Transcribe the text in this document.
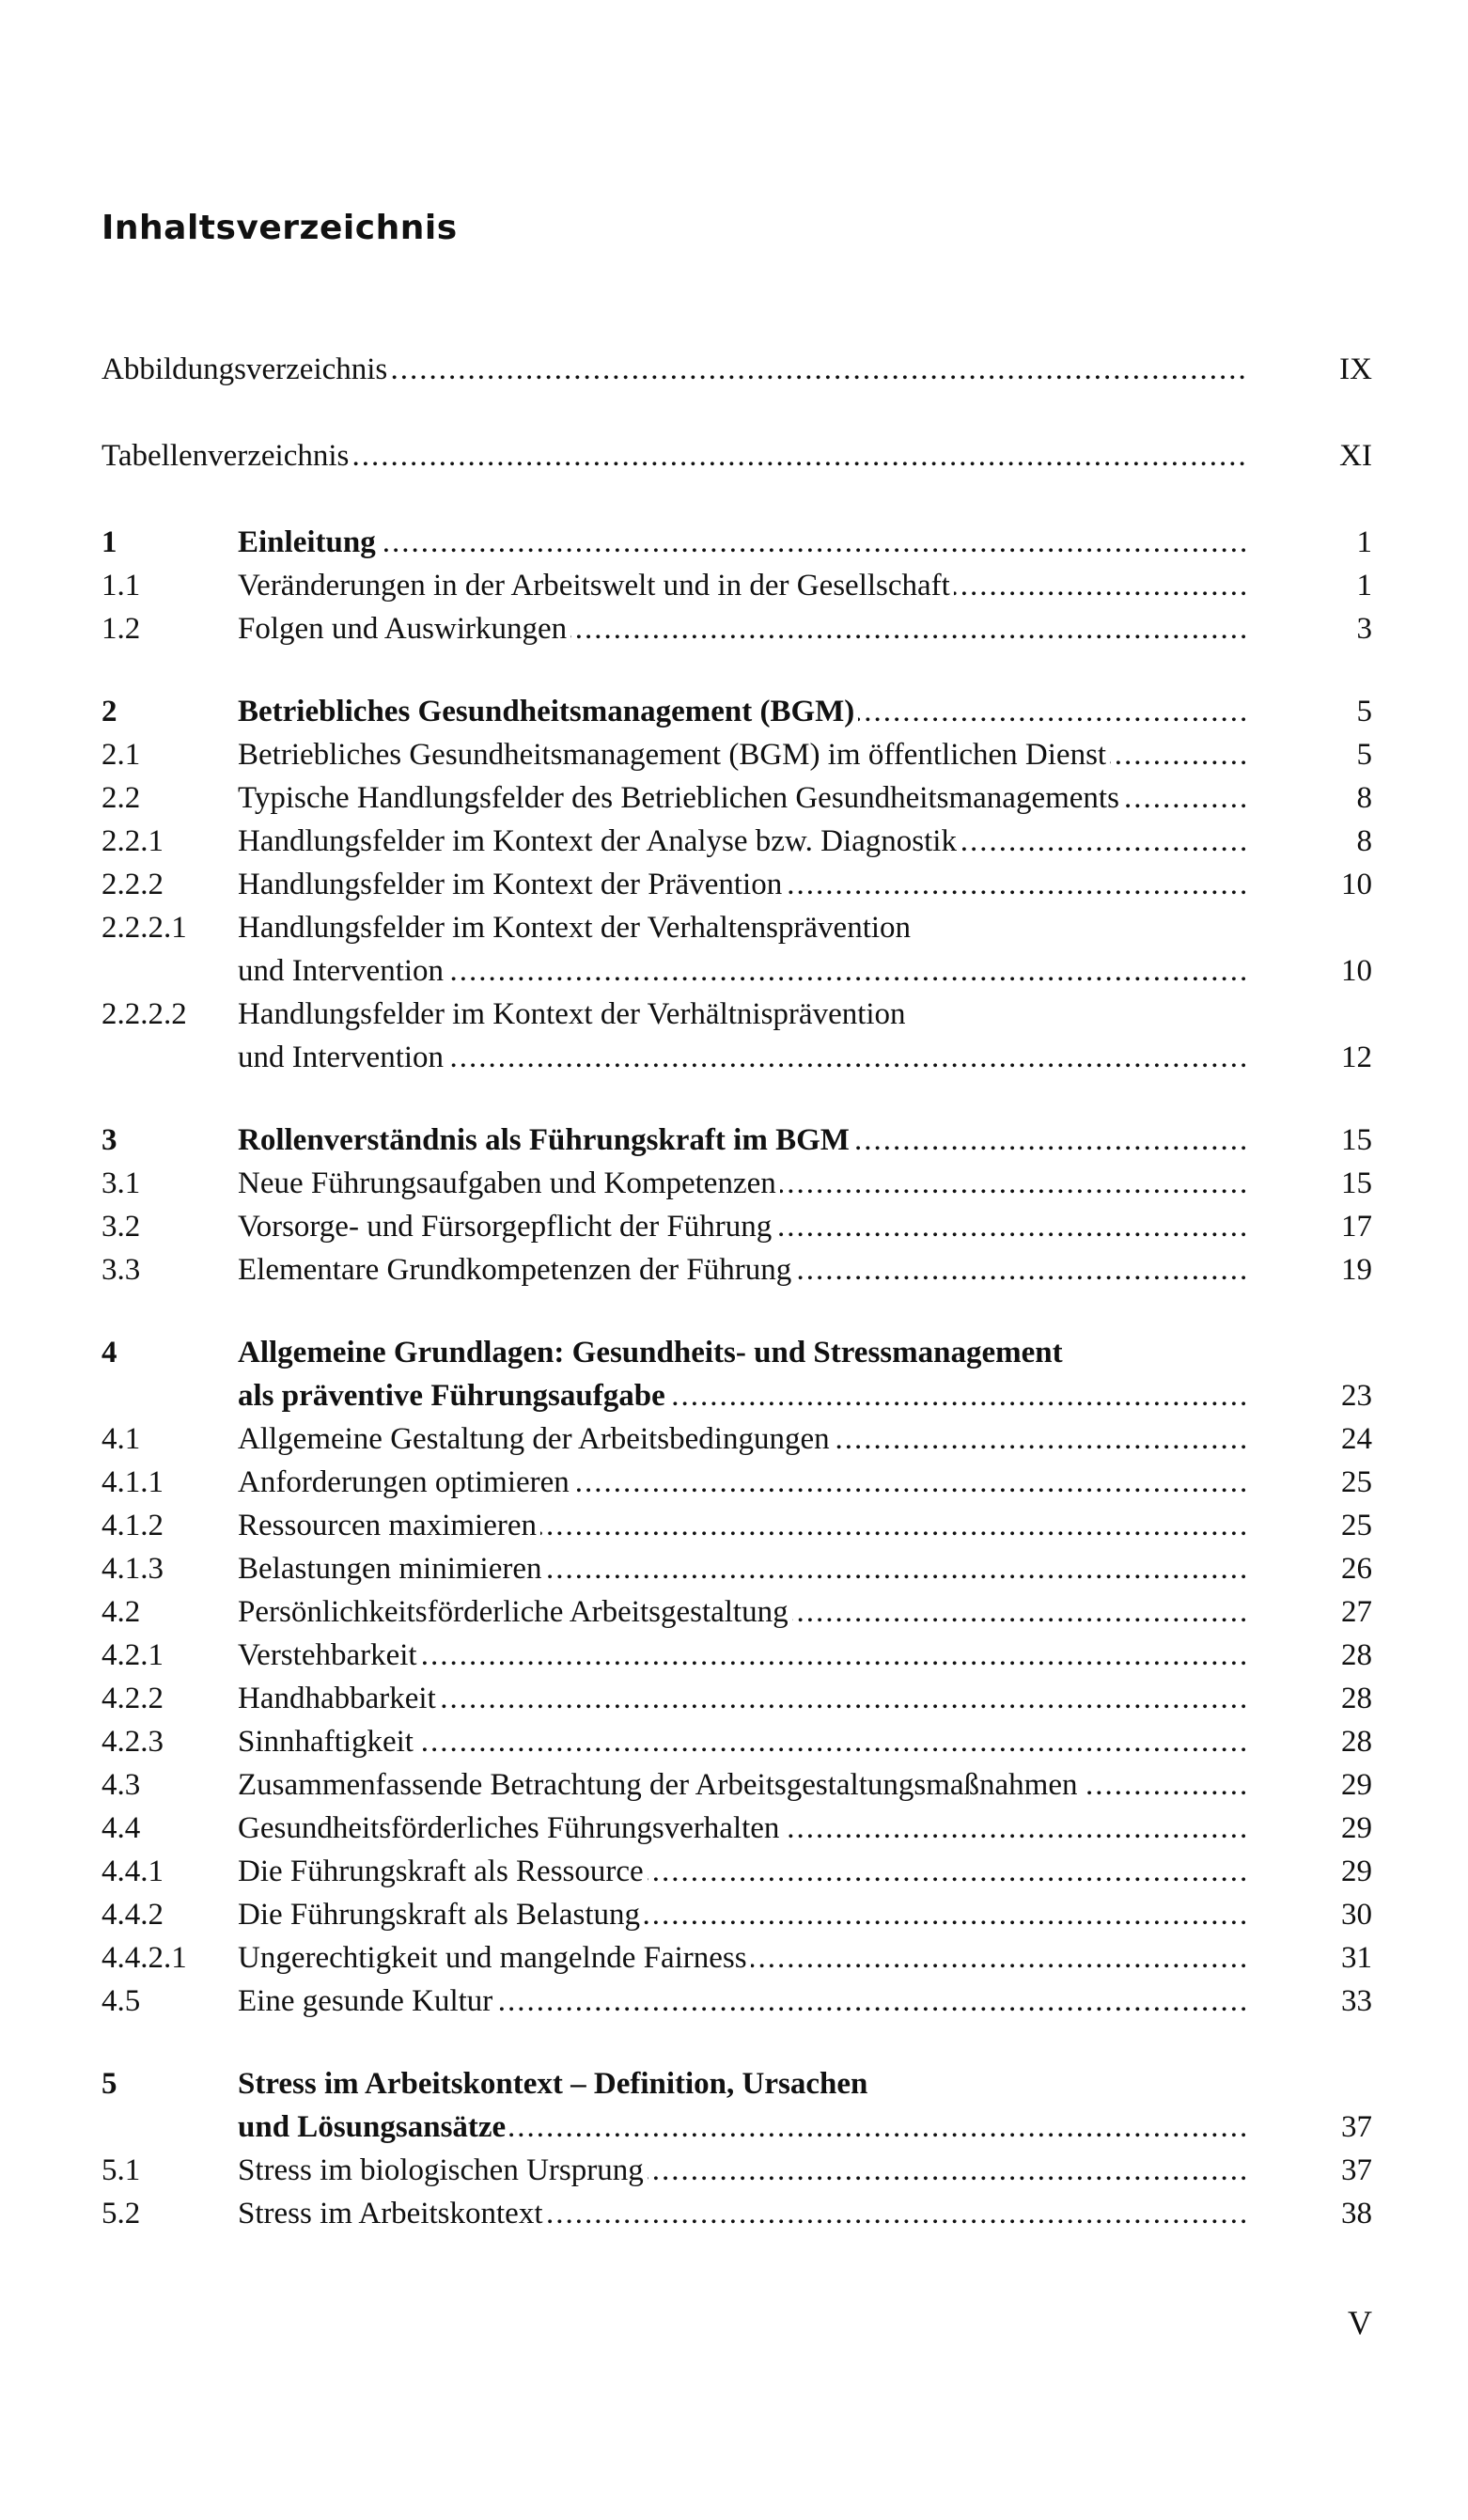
Inhaltsverzeichnis
Abbildungsverzeichnis .....	IX
Tabellenverzeichnis .....	XI
1	Einleitung .....	1
1.1	Veränderungen in der Arbeitswelt und in der Gesellschaft .....	1
1.2	Folgen und Auswirkungen .....	3
2	Betriebliches Gesundheitsmanagement (BGM) .....	5
2.1	Betriebliches Gesundheitsmanagement (BGM) im öffentlichen Dienst .....	5
2.2	Typische Handlungsfelder des Betrieblichen Gesundheitsmanagements .....	8
2.2.1 Handlungsfelder im Kontext der Analyse bzw. Diagnostik .....	8
2.2.2 Handlungsfelder im Kontext der Prävention .....	10
2.2.2.1 Handlungsfelder im Kontext der Verhaltensprävention
und Intervention .....	10
2.2.2.2 Handlungsfelder im Kontext der Verhältnisprävention
und Intervention .....	12
3	Rollenverständnis als Führungskraft im BGM .....	15
3.1	Neue Führungsaufgaben und Kompetenzen .....	15
3.2	Vorsorge- und Fürsorgepflicht der Führung .....	17
3.3	Elementare Grundkompetenzen der Führung .....	19
4	Allgemeine Grundlagen: Gesundheits- und Stressmanagement
als präventive Führungsaufgabe .....	23
4.1	Allgemeine Gestaltung der Arbeitsbedingungen .....	24
4.1.1 Anforderungen optimieren .....	25
4.1.2 Ressourcen maximieren .....	25
4.1.3 Belastungen minimieren .....	26
4.2	Persönlichkeitsförderliche Arbeitsgestaltung .....	27
4.2.1 Verstehbarkeit .....	28
4.2.2 Handhabbarkeit .....	28
4.2.3 Sinnhaftigkeit .....	28
4.3	Zusammenfassende Betrachtung der Arbeitsgestaltungsmaßnahmen .....	29
4.4	Gesundheitsförderliches Führungsverhalten .....	29
4.4.1 Die Führungskraft als Ressource .....	29
4.4.2 Die Führungskraft als Belastung .....	30
4.4.2.1 Ungerechtigkeit und mangelnde Fairness .....	31
4.5	Eine gesunde Kultur .....	33
5	Stress im Arbeitskontext – Definition, Ursachen
und Lösungsansätze .....	37
5.1	Stress im biologischen Ursprung .....	37
5.2	Stress im Arbeitskontext .....	38
V
